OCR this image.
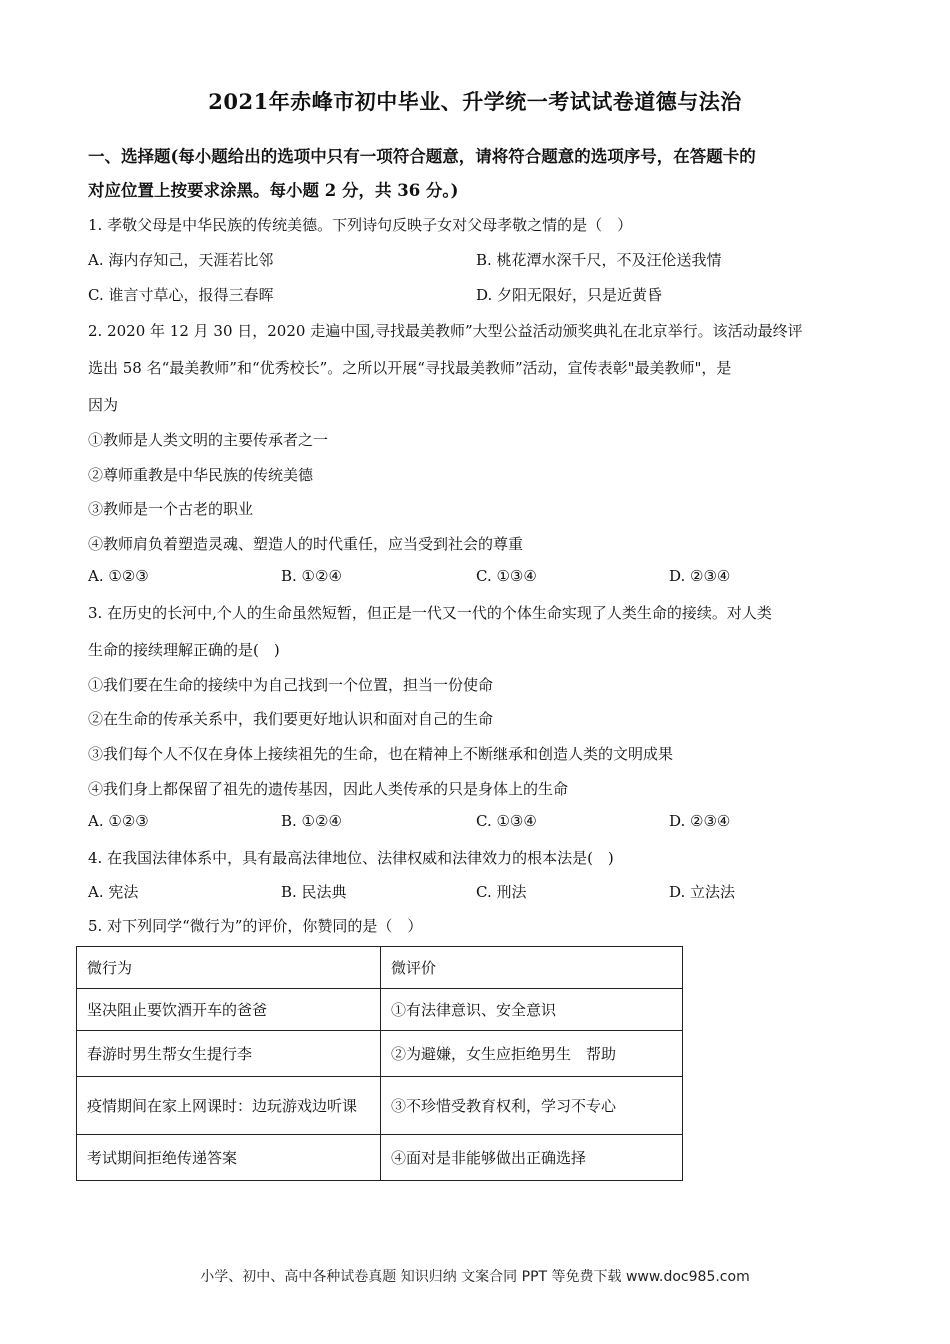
2021年赤峰市初中毕业、升学统一考试试卷道德与法治
一、选择题(每小题给出的选项中只有一项符合题意，请将符合题意的选项序号，在答题卡的
对应位置上按要求涂黑。每小题 2 分，共 36 分。)
1. 孝敬父母是中华民族的传统美德。下列诗句反映子女对父母孝敬之情的是（　）
A. 海内存知己，天涯若比邻	B. 桃花潭水深千尺，不及汪伦送我情
C. 谁言寸草心，报得三春晖	D. 夕阳无限好，只是近黄昏
2. 2020 年 12 月 30 日，2020 走遍中国,寻找最美教师”大型公益活动颁奖典礼在北京举行。该活动最终评
选出 58 名“最美教师”和“优秀校长”。之所以开展“寻找最美教师”活动，宣传表彰"最美教师"，是
因为
①教师是人类文明的主要传承者之一
②尊师重教是中华民族的传统美德
③教师是一个古老的职业
④教师肩负着塑造灵魂、塑造人的时代重任，应当受到社会的尊重
A. ①②③	B. ①②④	C. ①③④	D. ②③④
3. 在历史的长河中,个人的生命虽然短暂，但正是一代又一代的个体生命实现了人类生命的接续。对人类
生命的接续理解正确的是(　)
①我们要在生命的接续中为自己找到一个位置，担当一份使命
②在生命的传承关系中，我们要更好地认识和面对自己的生命
③我们每个人不仅在身体上接续祖先的生命，也在精神上不断继承和创造人类的文明成果
④我们身上都保留了祖先的遗传基因，因此人类传承的只是身体上的生命
A. ①②③	B. ①②④	C. ①③④	D. ②③④
4. 在我国法律体系中，具有最高法律地位、法律权威和法律效力的根本法是(　)
A. 宪法	B. 民法典	C. 刑法	D. 立法法
5. 对下列同学“微行为”的评价，你赞同的是（　）
微行为	微评价
坚决阻止要饮酒开车的爸爸	①有法律意识、安全意识
春游时男生帮女生提行李	②为避嫌，女生应拒绝男生　帮助
疫情期间在家上网课时：边玩游戏边听课	③不珍惜受教育权利，学习不专心
考试期间拒绝传递答案	④面对是非能够做出正确选择
小学、初中、高中各种试卷真题 知识归纳 文案合同 PPT 等免费下载 www.doc985.com
